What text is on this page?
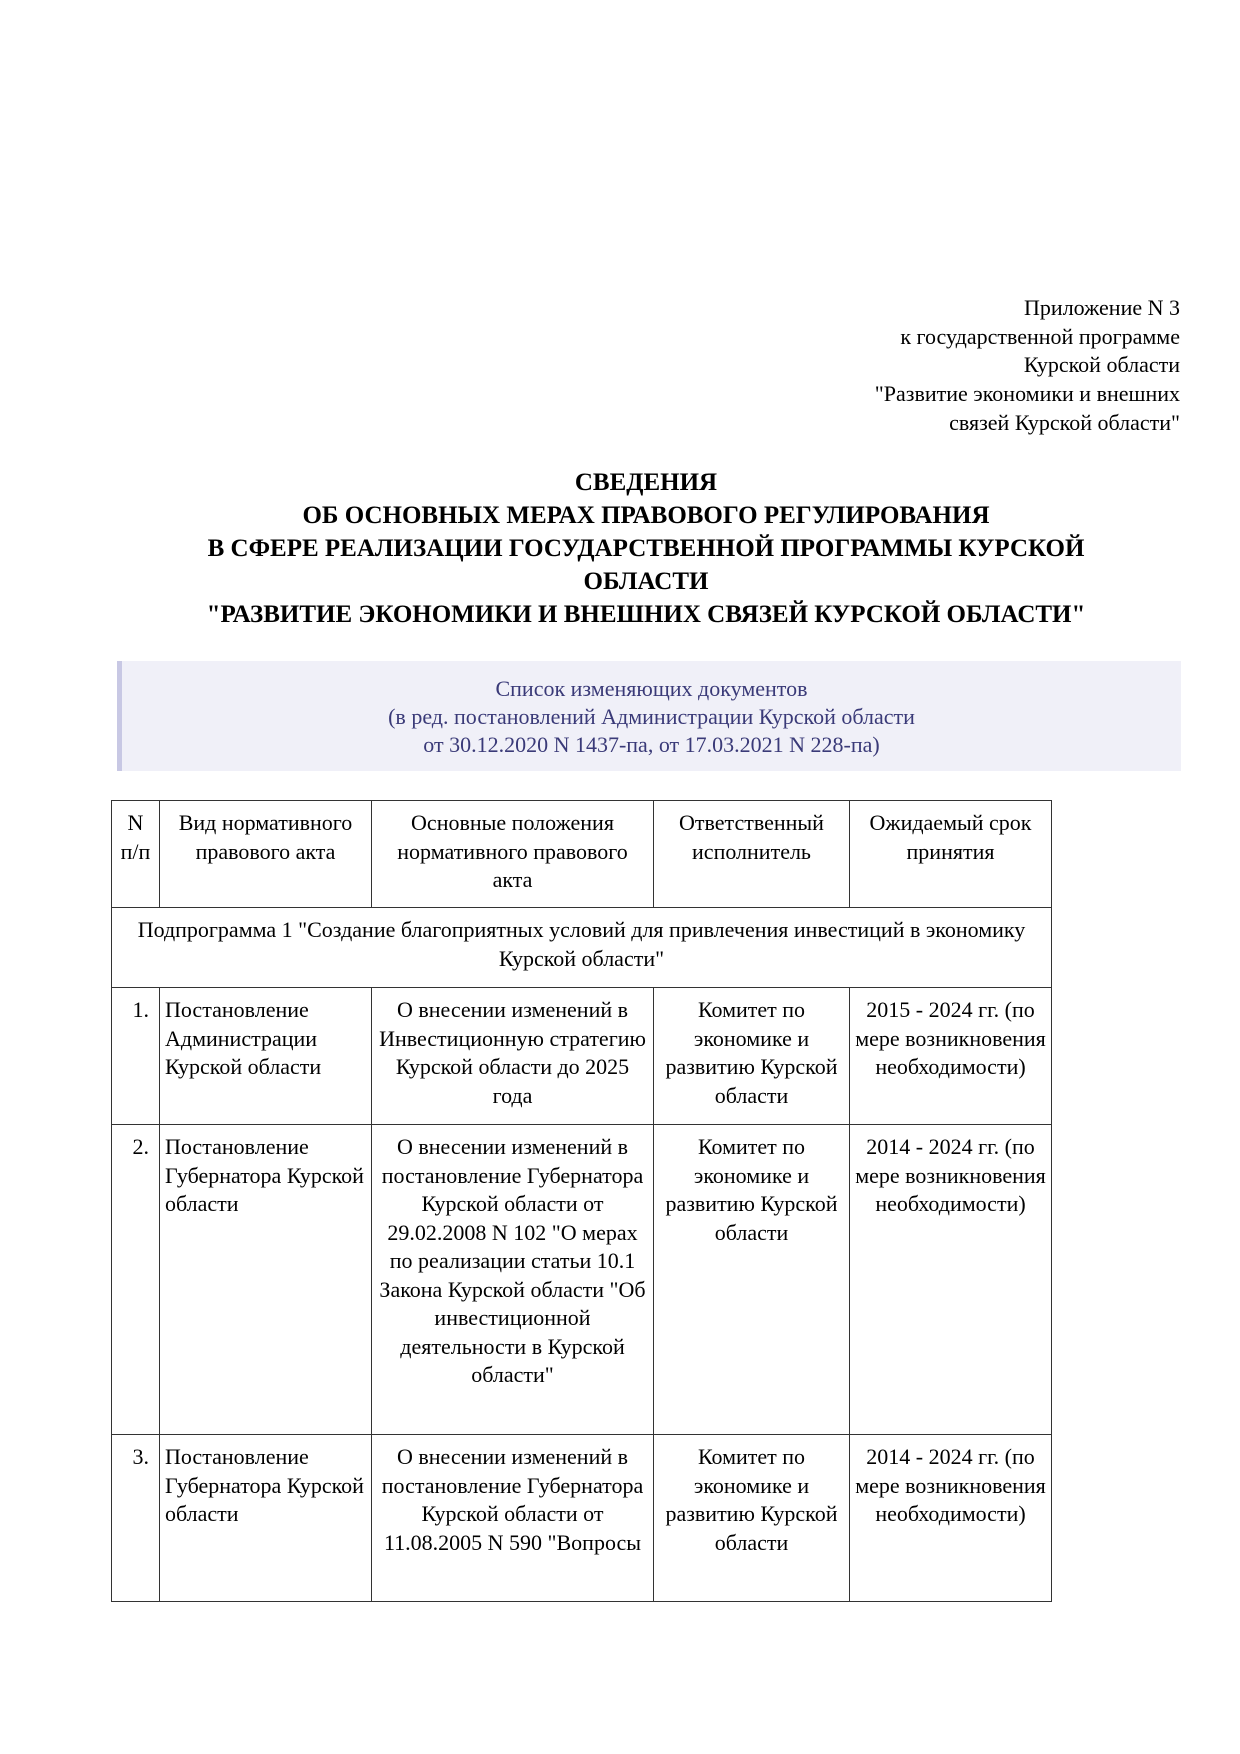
Приложение N 3
к государственной программе
Курской области
"Развитие экономики и внешних
связей Курской области"
СВЕДЕНИЯ
ОБ ОСНОВНЫХ МЕРАХ ПРАВОВОГО РЕГУЛИРОВАНИЯ
В СФЕРЕ РЕАЛИЗАЦИИ ГОСУДАРСТВЕННОЙ ПРОГРАММЫ КУРСКОЙ
ОБЛАСТИ
"РАЗВИТИЕ ЭКОНОМИКИ И ВНЕШНИХ СВЯЗЕЙ КУРСКОЙ ОБЛАСТИ"
Список изменяющих документов
(в ред. постановлений Администрации Курской области
от 30.12.2020 N 1437-па, от 17.03.2021 N 228-па)
N п/п	Вид нормативного правового акта	Основные положения нормативного правового акта	Ответственный исполнитель	Ожидаемый срок принятия
Подпрограмма 1 "Создание благоприятных условий для привлечения инвестиций в экономику Курской области"				
1.	Постановление Администрации Курской области	О внесении изменений в Инвестиционную стратегию Курской области до 2025 года	Комитет по экономике и развитию Курской области	2015 - 2024 гг. (по мере возникновения необходимости)
2.	Постановление Губернатора Курской области	О внесении изменений в постановление Губернатора Курской области от 29.02.2008 N 102 "О мерах по реализации статьи 10.1 Закона Курской области "Об инвестиционной деятельности в Курской области"	Комитет по экономике и развитию Курской области	2014 - 2024 гг. (по мере возникновения необходимости)
3.	Постановление Губернатора Курской области	О внесении изменений в постановление Губернатора Курской области от 11.08.2005 N 590 "Вопросы	Комитет по экономике и развитию Курской области	2014 - 2024 гг. (по мере возникновения необходимости)
